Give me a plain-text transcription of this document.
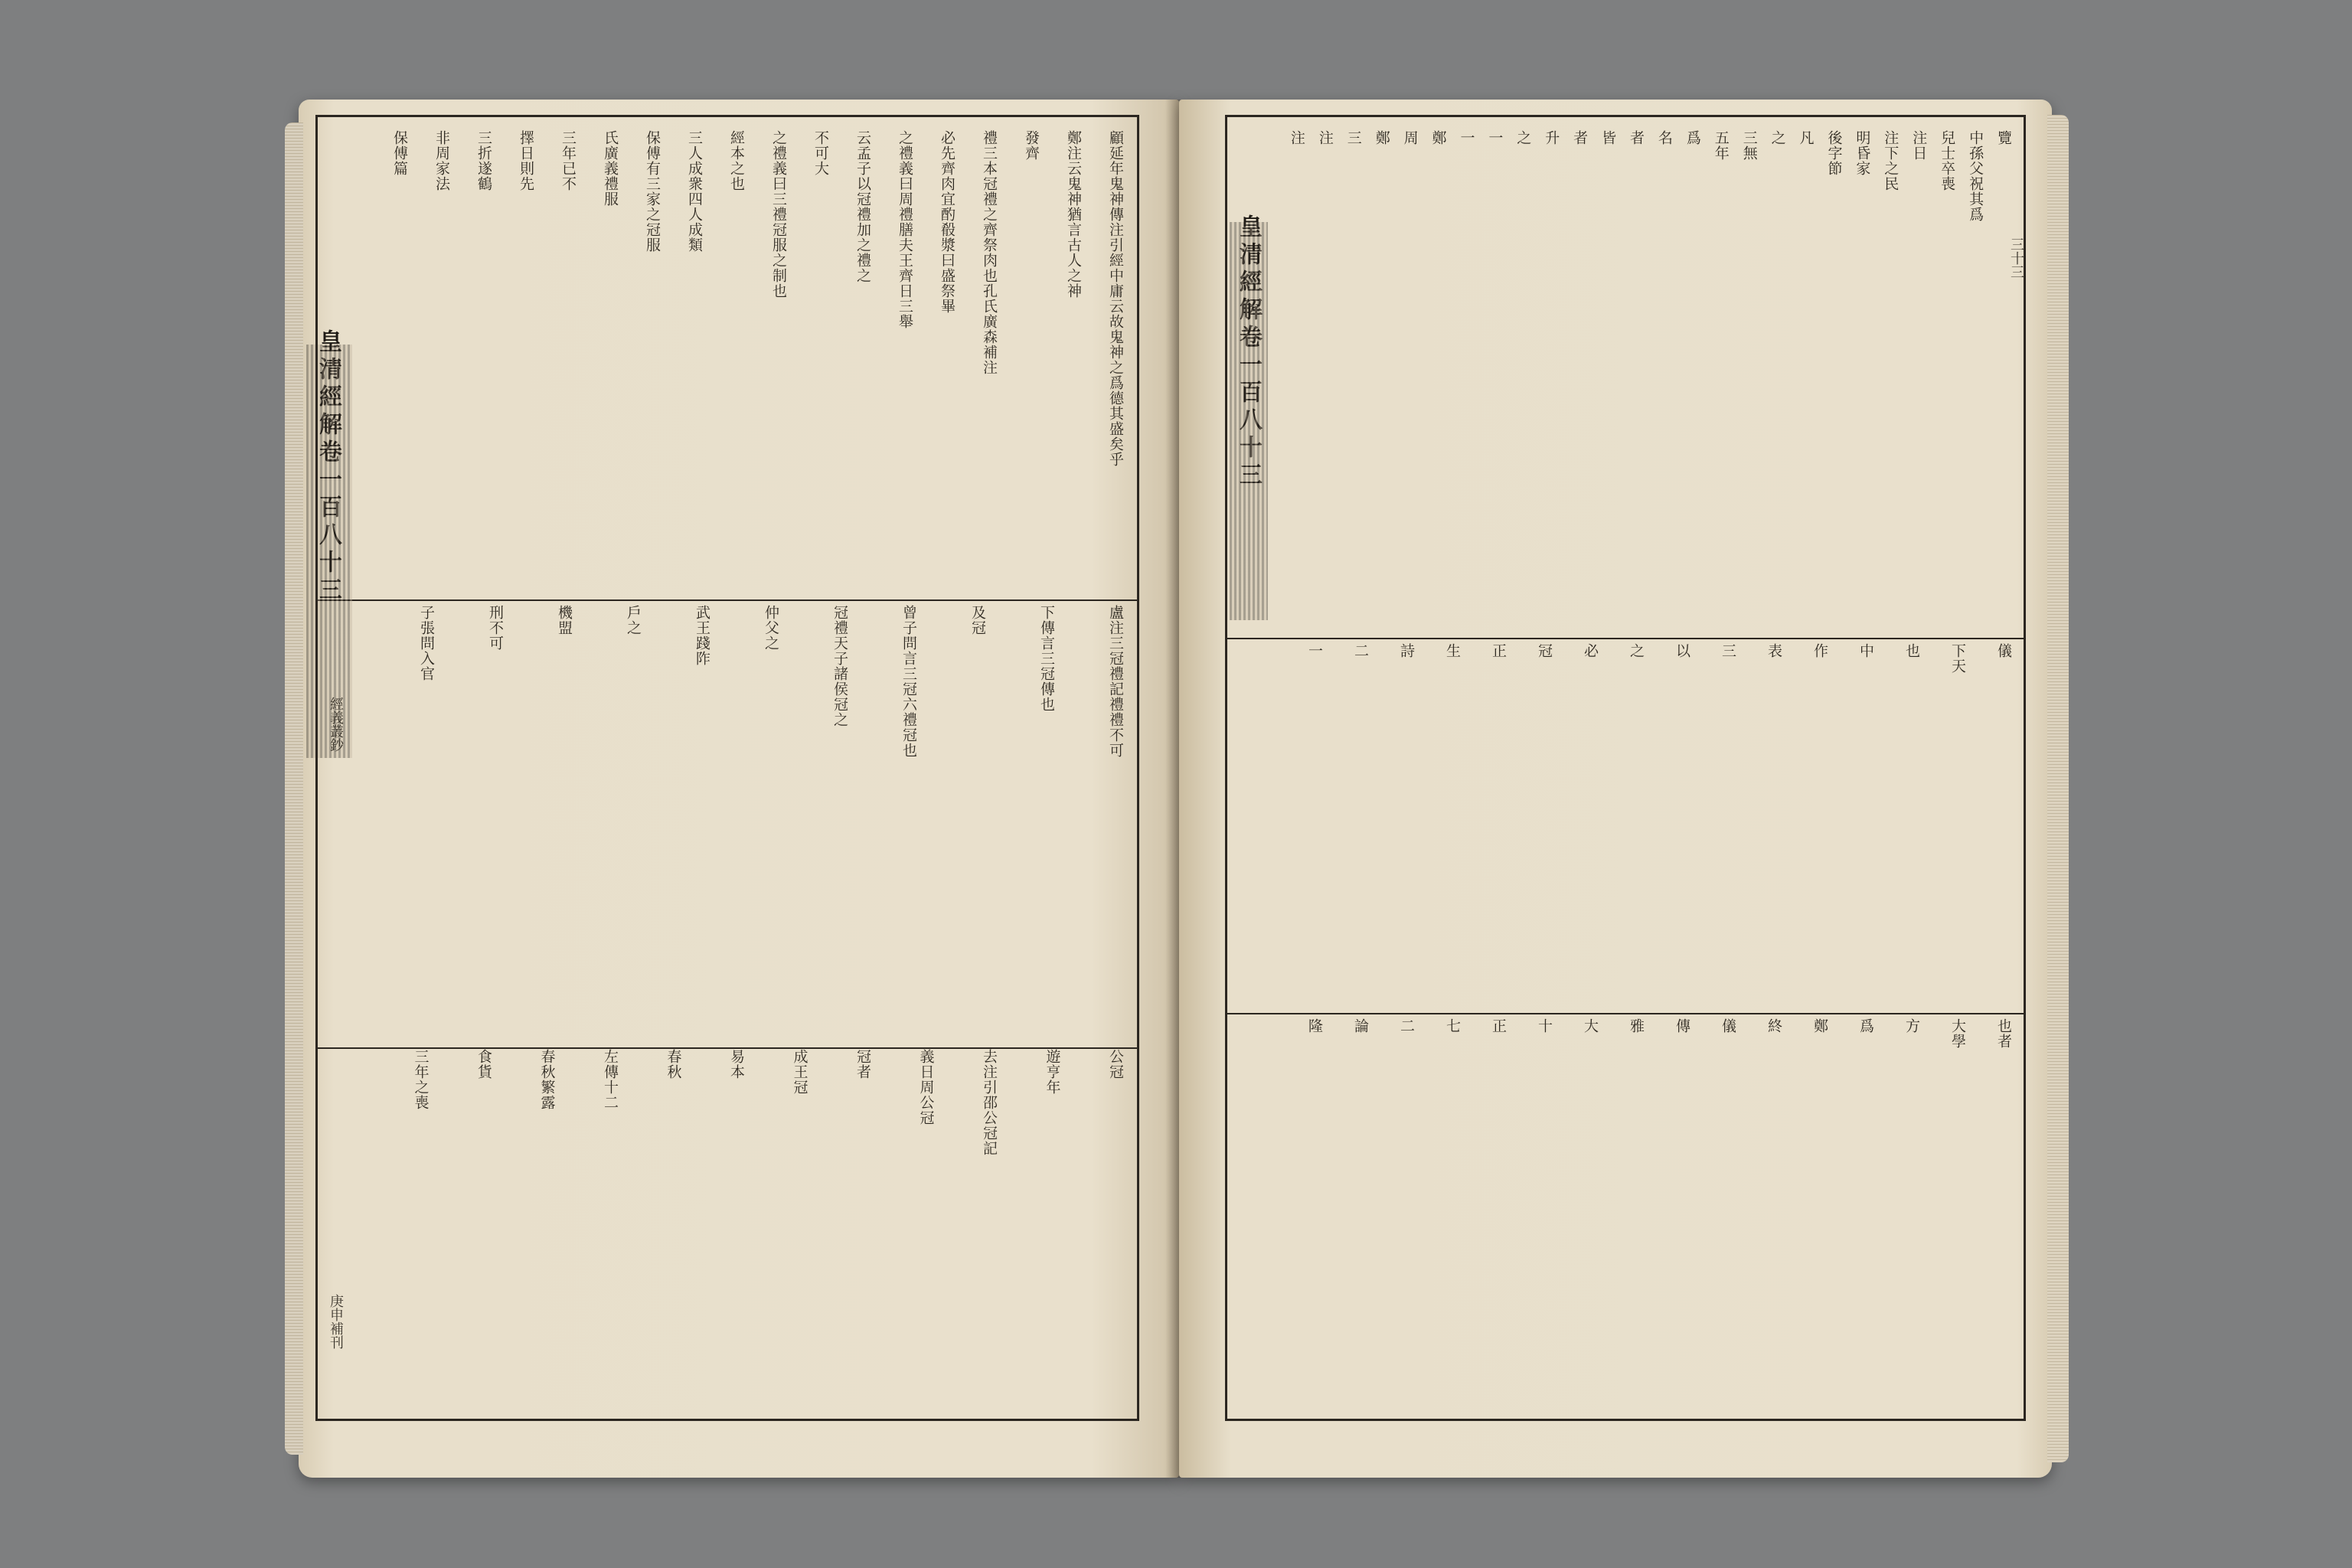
皇清經解卷一百八十三
經義叢鈔
庚申補刊
顧延年鬼神傳注引經中庸云故鬼神之爲德其盛矣乎
鄭注云鬼神猶言古人之神
發齊
禮三本冠禮之齊祭肉也孔氏廣森補注
必先齊肉宜酌殽漿曰盛祭畢
之禮義曰周禮膳夫王齊日三舉
云孟子以冠禮加之禮之
不可大
之禮義曰三禮冠服之制也
經本之也
三人成衆四人成類
保傅有三家之冠服
氏廣義禮服
三年已不
擇日則先
三折遂鶴
非周家法
保傅篇
盧注三冠禮記禮禮不可
下傳言三冠傳也
及冠
曾子問言三冠六禮冠也
冠禮天子諸侯冠之
仲父之
武王踐阼
戶之
機盟
刑不可
子張問入官
公冠
遊亨年
去注引邵公冠記
義日周公冠
冠者
成王冠
易本
春秋
左傳十二
春秋繁露
食貨
三年之喪
皇清經解卷一百八十三	三十三
覽
中孫父祝其爲
兒士卒喪
注日
注下之民
明昏家
後字節
凡
之
三無
五年
爲
名
者
皆
者
升
之
一
一
鄭
周
鄭
三
注
注
儀
下天
也
中
作
表
三
以
之
必
冠
正
生
詩
二
一
也者
大學
方
爲
鄭
終
儀
傳
雅
大
十
正
七
二
論
隆
